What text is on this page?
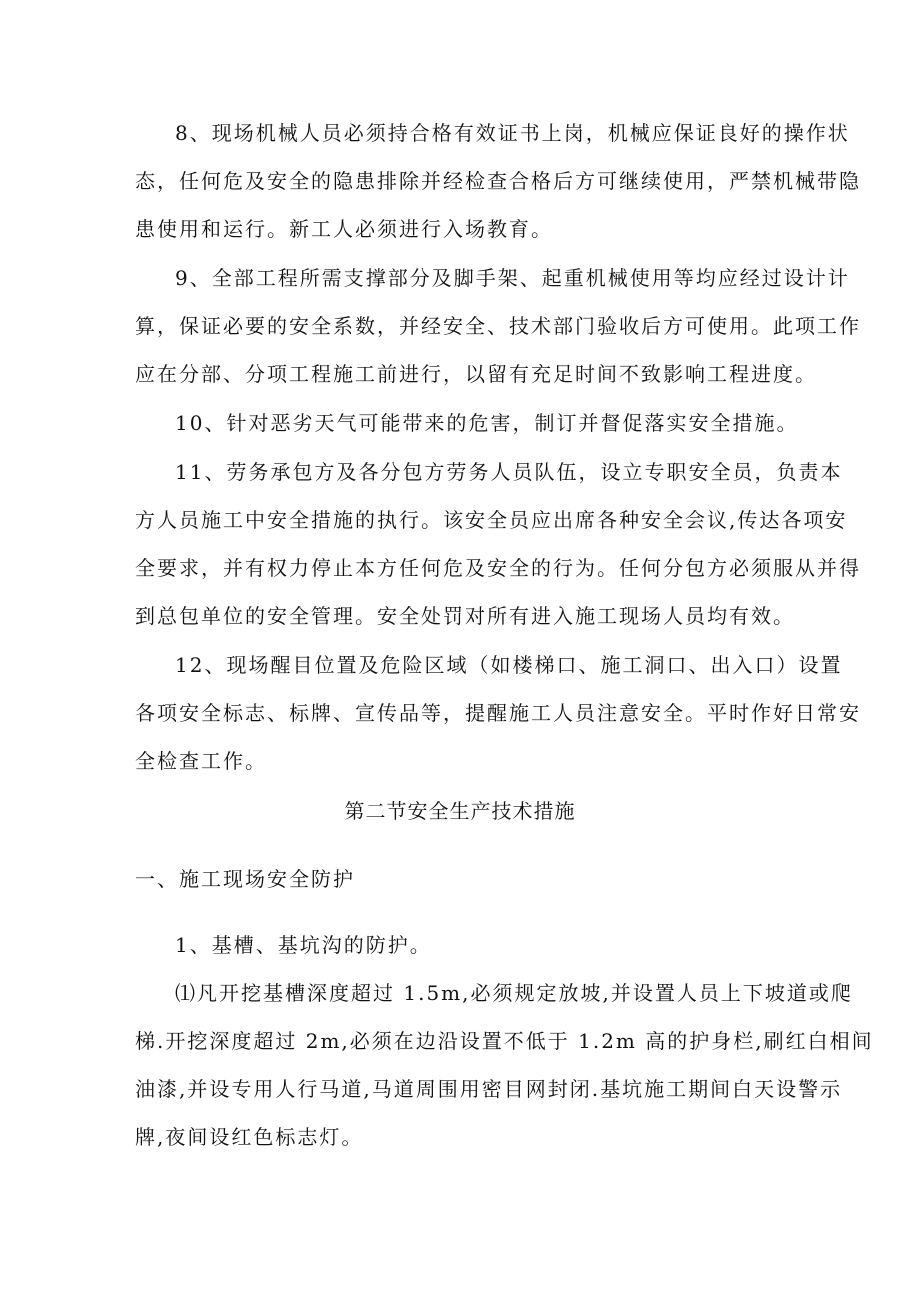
8、现场机械人员必须持合格有效证书上岗，机械应保证良好的操作状
态，任何危及安全的隐患排除并经检查合格后方可继续使用，严禁机械带隐
患使用和运行。新工人必须进行入场教育。
9、全部工程所需支撑部分及脚手架、起重机械使用等均应经过设计计
算，保证必要的安全系数，并经安全、技术部门验收后方可使用。此项工作
应在分部、分项工程施工前进行，以留有充足时间不致影响工程进度。
10、针对恶劣天气可能带来的危害，制订并督促落实安全措施。
11、劳务承包方及各分包方劳务人员队伍，设立专职安全员，负责本
方人员施工中安全措施的执行。该安全员应出席各种安全会议,传达各项安
全要求，并有权力停止本方任何危及安全的行为。任何分包方必须服从并得
到总包单位的安全管理。安全处罚对所有进入施工现场人员均有效。
12、现场醒目位置及危险区域（如楼梯口、施工洞口、出入口）设置
各项安全标志、标牌、宣传品等，提醒施工人员注意安全。平时作好日常安
全检查工作。
第二节安全生产技术措施
一、施工现场安全防护
1、基槽、基坑沟的防护。
⑴凡开挖基槽深度超过 1.5m,必须规定放坡,并设置人员上下坡道或爬
梯.开挖深度超过 2m,必须在边沿设置不低于 1.2m 高的护身栏,刷红白相间
油漆,并设专用人行马道,马道周围用密目网封闭.基坑施工期间白天设警示
牌,夜间设红色标志灯。
